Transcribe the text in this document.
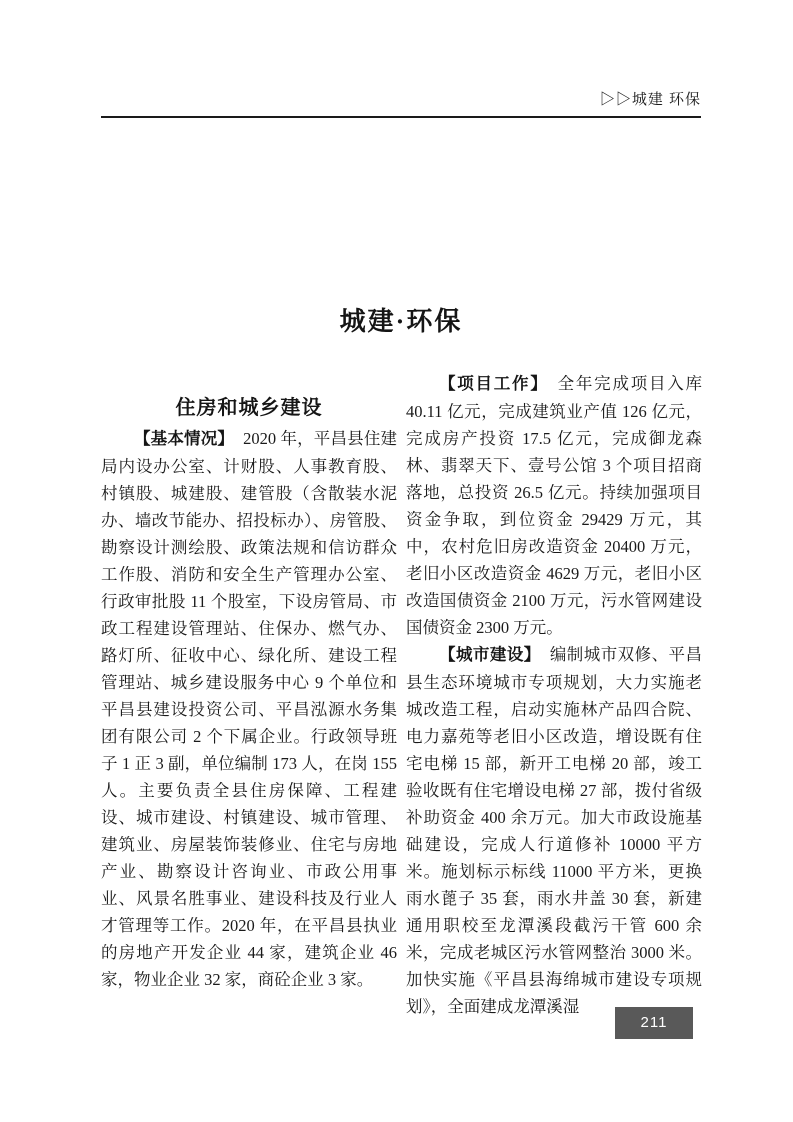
▷▷城建 环保
城建·环保
住房和城乡建设

【基本情况】 2020 年，平昌县住建局内设办公室、计财股、人事教育股、村镇股、城建股、建管股（含散装水泥办、墙改节能办、招投标办）、房管股、勘察设计测绘股、政策法规和信访群众工作股、消防和安全生产管理办公室、行政审批股 11 个股室，下设房管局、市政工程建设管理站、住保办、燃气办、路灯所、征收中心、绿化所、建设工程管理站、城乡建设服务中心 9 个单位和平昌县建设投资公司、平昌泓源水务集团有限公司 2 个下属企业。行政领导班子 1 正 3 副，单位编制 173 人，在岗 155 人。主要负责全县住房保障、工程建设、城市建设、村镇建设、城市管理、建筑业、房屋装饰装修业、住宅与房地产业、勘察设计咨询业、市政公用事业、风景名胜事业、建设科技及行业人才管理等工作。2020 年，在平昌县执业的房地产开发企业 44 家，建筑企业 46 家，物业企业 32 家，商砼企业 3 家。

【项目工作】 全年完成项目入库 40.11 亿元，完成建筑业产值 126 亿元，完成房产投资 17.5 亿元，完成御龙森林、翡翠天下、壹号公馆 3 个项目招商落地，总投资 26.5 亿元。持续加强项目资金争取，到位资金 29429 万元，其中，农村危旧房改造资金 20400 万元，老旧小区改造资金 4629 万元，老旧小区改造国债资金 2100 万元，污水管网建设国债资金 2300 万元。

【城市建设】 编制城市双修、平昌县生态环境城市专项规划，大力实施老城改造工程，启动实施林产品四合院、电力嘉苑等老旧小区改造，增设既有住宅电梯 15 部，新开工电梯 20 部，竣工验收既有住宅增设电梯 27 部，拨付省级补助资金 400 余万元。加大市政设施基础建设，完成人行道修补 10000 平方米。施划标示标线 11000 平方米，更换雨水蓖子 35 套，雨水井盖 30 套，新建通用职校至龙潭溪段截污干管 600 余米，完成老城区污水管网整治 3000 米。加快实施《平昌县海绵城市建设专项规划》，全面建成龙潭溪湿

211
